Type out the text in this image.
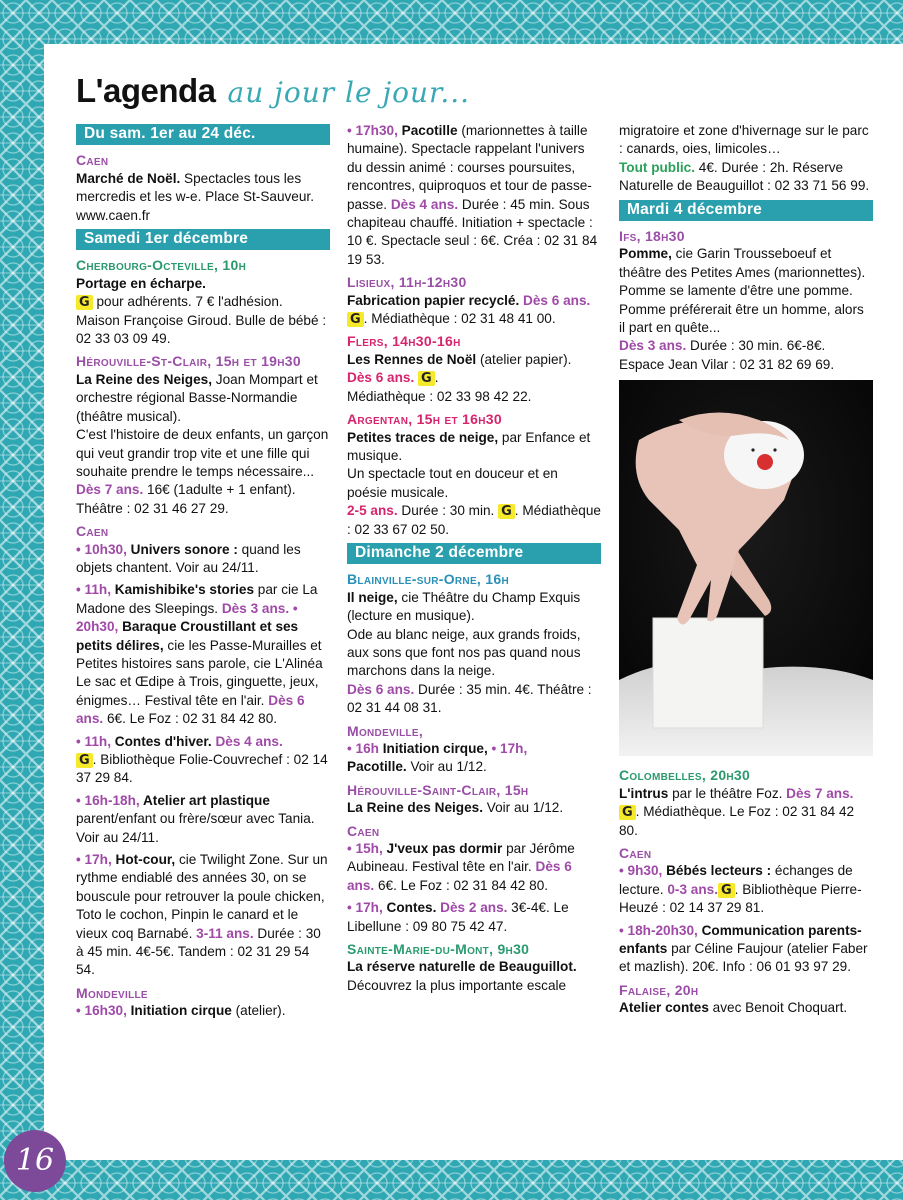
L'agenda au jour le jour...
Du sam. 1er au 24 déc.
Caen
Marché de Noël. Spectacles tous les mercredis et les w-e. Place St-Sauveur. www.caen.fr
Samedi 1er décembre
Cherbourg-Octeville, 10h
Portage en écharpe.
G pour adhérents. 7 € l'adhésion. Maison Françoise Giroud. Bulle de bébé : 02 33 03 09 49.
Hérouville-St-Clair, 15h et 19h30
La Reine des Neiges, Joan Mompart et orchestre régional Basse-Normandie (théâtre musical).
C'est l'histoire de deux enfants, un garçon qui veut grandir trop vite et une fille qui souhaite prendre le temps nécessaire...
Dès 7 ans. 16€ (1adulte + 1 enfant). Théâtre : 02 31 46 27 29.
Caen
• 10h30, Univers sonore : quand les objets chantent. Voir au 24/11.
• 11h, Kamishibike's stories par cie La Madone des Sleepings. Dès 3 ans. • 20h30, Baraque Croustillant et ses petits délires, cie les Passe-Murailles et Petites histoires sans parole, cie L'Alinéa Le sac et Œdipe à Trois, ginguette, jeux, énigmes… Festival tête en l'air. Dès 6 ans. 6€. Le Foz : 02 31 84 42 80.
• 11h, Contes d'hiver. Dès 4 ans.
G . Bibliothèque Folie-Couvrechef : 02 14 37 29 84.
• 16h-18h, Atelier art plastique parent/enfant ou frère/sœur avec Tania. Voir au 24/11.
• 17h, Hot-cour, cie Twilight Zone. Sur un rythme endiablé des années 30, on se bouscule pour retrouver la poule chicken, Toto le cochon, Pinpin le canard et le vieux coq Barnabé. 3-11 ans. Durée : 30 à 45 min. 4€-5€. Tandem : 02 31 29 54 54.
Mondeville
• 16h30, Initiation cirque (atelier).
• 17h30, Pacotille (marionnettes à taille humaine). Spectacle rappelant l'univers du dessin animé : courses poursuites, rencontres, quiproquos et tour de passe-passe. Dès 4 ans. Durée : 45 min. Sous chapiteau chauffé. Initiation + spectacle : 10 €. Spectacle seul : 6€. Créa : 02 31 84 19 53.
Lisieux, 11h-12h30
Fabrication papier recyclé. Dès 6 ans.
G . Médiathèque : 02 31 48 41 00.
Flers, 14h30-16h
Les Rennes de Noël (atelier papier).
Dès 6 ans. G .
Médiathèque : 02 33 98 42 22.
Argentan, 15h et 16h30
Petites traces de neige, par Enfance et musique.
Un spectacle tout en douceur et en poésie musicale.
2-5 ans. Durée : 30 min. G . Médiathèque : 02 33 67 02 50.
Dimanche 2 décembre
Blainville-sur-Orne, 16h
Il neige, cie Théâtre du Champ Exquis (lecture en musique).
Ode au blanc neige, aux grands froids, aux sons que font nos pas quand nous marchons dans la neige.
Dès 6 ans. Durée : 35 min. 4€. Théâtre : 02 31 44 08 31.
Mondeville,
• 16h Initiation cirque, • 17h,
Pacotille. Voir au 1/12.
Hérouville-Saint-Clair, 15h
La Reine des Neiges. Voir au 1/12.
Caen
• 15h, J'veux pas dormir par Jérôme Aubineau. Festival tête en l'air. Dès 6 ans. 6€. Le Foz : 02 31 84 42 80.
• 17h, Contes. Dès 2 ans. 3€-4€. Le Libellune : 09 80 75 42 47.
Sainte-Marie-du-Mont, 9h30
La réserve naturelle de Beauguillot.
Découvrez la plus importante escale
migratoire et zone d'hivernage sur le parc : canards, oies, limicoles…
Tout public. 4€. Durée : 2h. Réserve Naturelle de Beauguillot : 02 33 71 56 99.
Mardi 4 décembre
Ifs, 18h30
Pomme, cie Garin Trousseboeuf et théâtre des Petites Ames (marionnettes).
Pomme se lamente d'être une pomme. Pomme préférerait être un homme, alors il part en quête...
Dès 3 ans. Durée : 30 min. 6€-8€. Espace Jean Vilar : 02 31 82 69 69.
Colombelles, 20h30
L'intrus par le théâtre Foz. Dès 7 ans. G . Médiathèque. Le Foz : 02 31 84 42 80.
Caen
• 9h30, Bébés lecteurs : échanges de lecture. 0-3 ans. G . Bibliothèque Pierre-Heuzé : 02 14 37 29 81.
• 18h-20h30, Communication parents-enfants par Céline Faujour (atelier Faber et mazlish). 20€. Info : 06 01 93 97 29.
Falaise, 20h
Atelier contes avec Benoit Choquart.
16
